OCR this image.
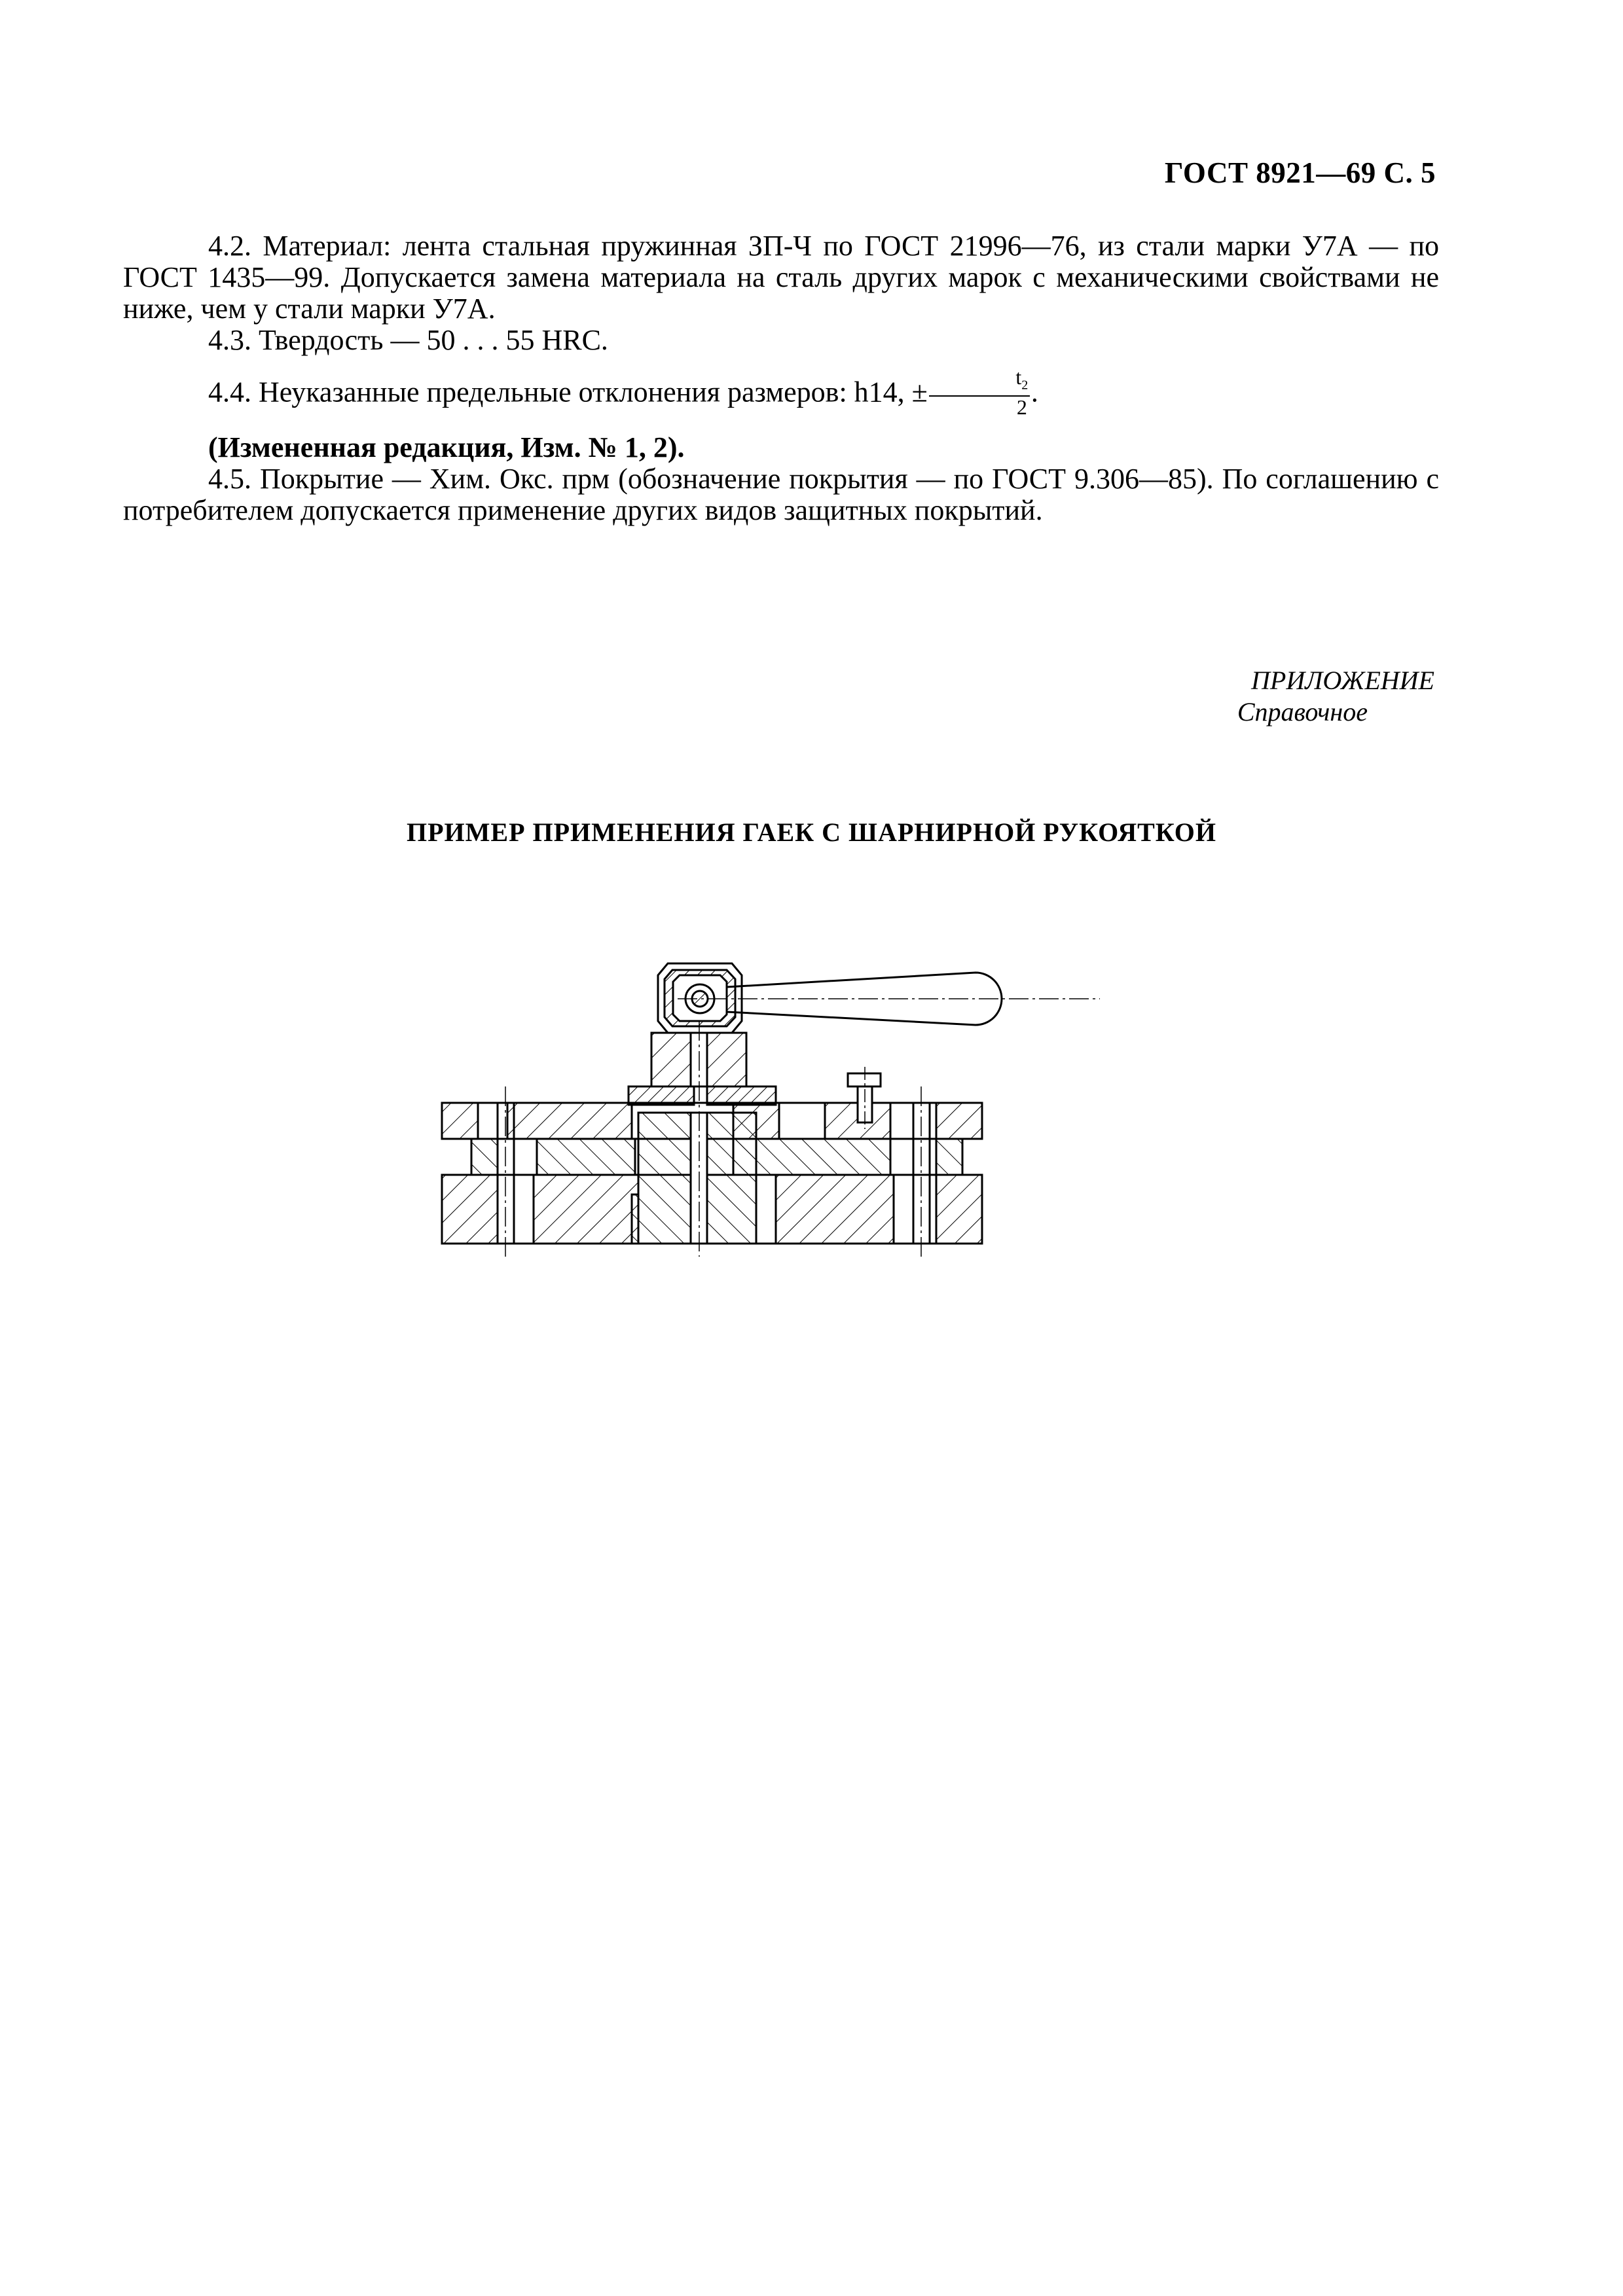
ГОСТ 8921—69 С. 5

4.2. Материал: лента стальная пружинная ЗП-Ч по ГОСТ 21996—76, из стали марки У7А — по ГОСТ 1435—99. Допускается замена материала на сталь других марок с механическими свойствами не ниже, чем у стали марки У7А.

4.3. Твердость — 50 . . . 55 HRC.

4.4. Неуказанные предельные отклонения размеров: h14, ± $\frac{t_2}{2}$ .

(Измененная редакция, Изм. № 1, 2).

4.5. Покрытие — Хим. Окс. прм (обозначение покрытия — по ГОСТ 9.306—85). По соглашению с потребителем допускается применение других видов защитных покрытий.

ПРИЛОЖЕНИЕ
Справочное
ПРИМЕР ПРИМЕНЕНИЯ ГАЕК С ШАРНИРНОЙ РУКОЯТКОЙ
